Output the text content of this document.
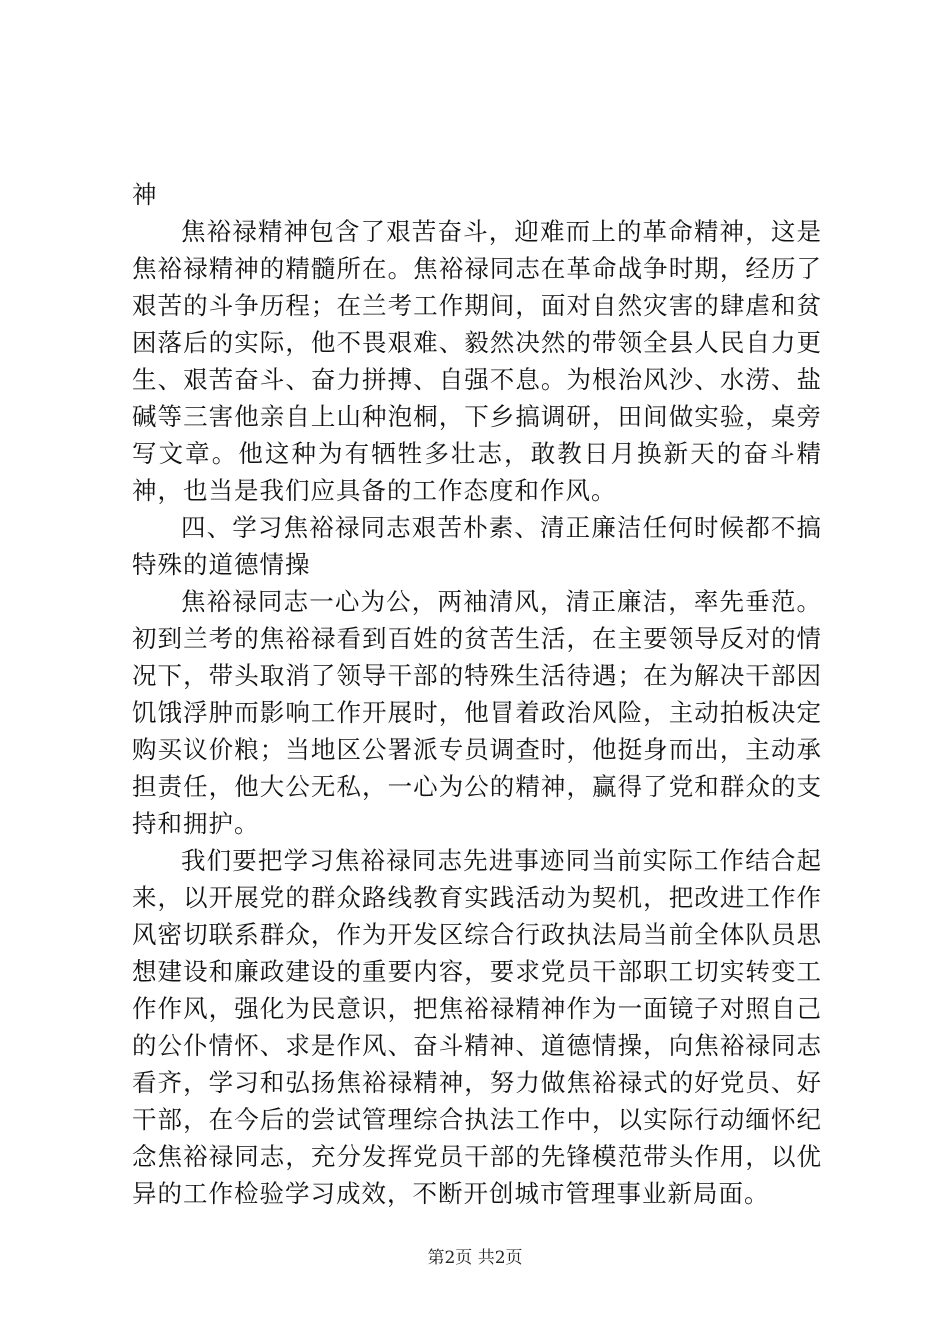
神

焦裕禄精神包含了艰苦奋斗，迎难而上的革命精神，这是焦裕禄精神的精髓所在。焦裕禄同志在革命战争时期，经历了艰苦的斗争历程；在兰考工作期间，面对自然灾害的肆虐和贫困落后的实际，他不畏艰难、毅然决然的带领全县人民自力更生、艰苦奋斗、奋力拼搏、自强不息。为根治风沙、水涝、盐碱等三害他亲自上山种泡桐，下乡搞调研，田间做实验，桌旁写文章。他这种为有牺牲多壮志，敢教日月换新天的奋斗精神，也当是我们应具备的工作态度和作风。

四、学习焦裕禄同志艰苦朴素、清正廉洁任何时候都不搞特殊的道德情操

焦裕禄同志一心为公，两袖清风，清正廉洁，率先垂范。初到兰考的焦裕禄看到百姓的贫苦生活，在主要领导反对的情况下，带头取消了领导干部的特殊生活待遇；在为解决干部因饥饿浮肿而影响工作开展时，他冒着政治风险，主动拍板决定购买议价粮；当地区公署派专员调查时，他挺身而出，主动承担责任，他大公无私，一心为公的精神，赢得了党和群众的支持和拥护。

我们要把学习焦裕禄同志先进事迹同当前实际工作结合起来，以开展党的群众路线教育实践活动为契机，把改进工作作风密切联系群众，作为开发区综合行政执法局当前全体队员思想建设和廉政建设的重要内容，要求党员干部职工切实转变工作作风，强化为民意识，把焦裕禄精神作为一面镜子对照自己的公仆情怀、求是作风、奋斗精神、道德情操，向焦裕禄同志看齐，学习和弘扬焦裕禄精神，努力做焦裕禄式的好党员、好干部，在今后的尝试管理综合执法工作中，以实际行动缅怀纪念焦裕禄同志，充分发挥党员干部的先锋模范带头作用，以优异的工作检验学习成效，不断开创城市管理事业新局面。

第2页 共2页
